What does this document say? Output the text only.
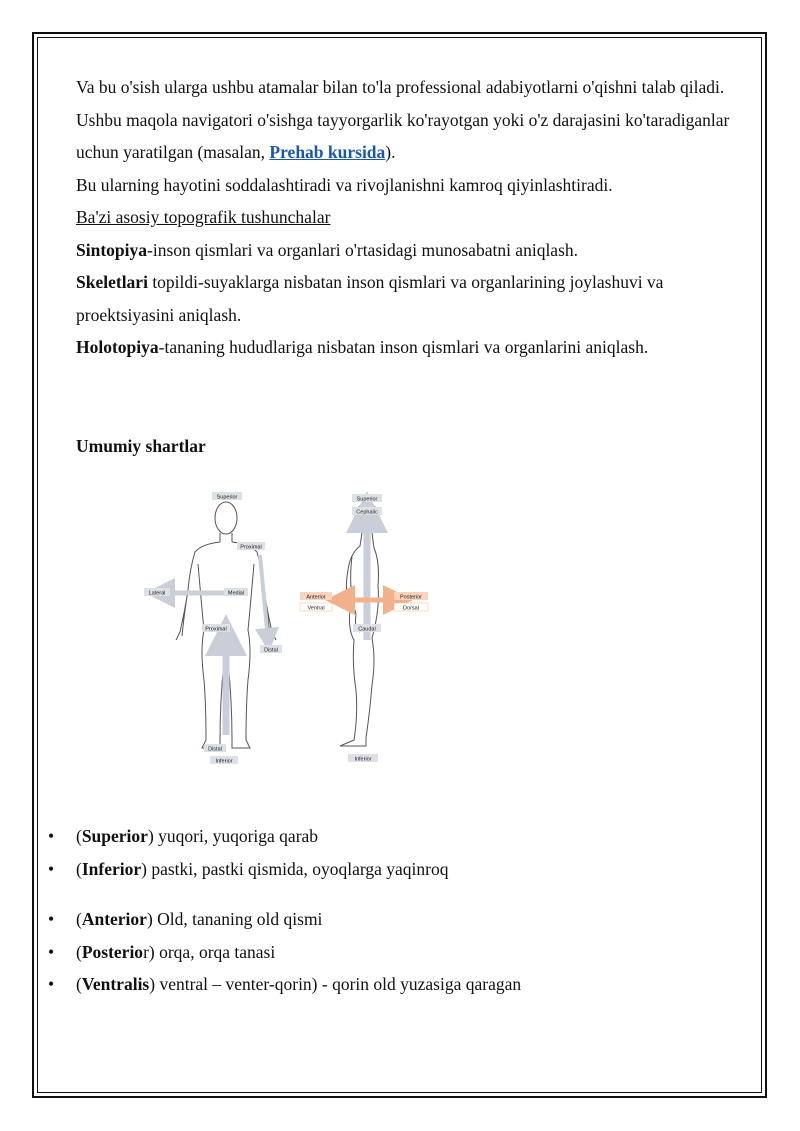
Va bu o'sish ularga ushbu atamalar bilan to'la professional adabiyotlarni o'qishni talab qiladi.

Ushbu maqola navigatori o'sishga tayyorgarlik ko'rayotgan yoki o'z darajasini ko'taradiganlar uchun yaratilgan (masalan, Prehab kursida).

Bu ularning hayotini soddalashtiradi va rivojlanishni kamroq qiyinlashtiradi.

Ba'zi asosiy topografik tushunchalar

Sintopiya-inson qismlari va organlari o'rtasidagi munosabatni aniqlash.

Skeletlari topildi-suyaklarga nisbatan inson qismlari va organlarining joylashuvi va proektsiyasini aniqlash.

Holotopiya-tananing hududlariga nisbatan inson qismlari va organlarini aniqlash.

Umumiy shartlar

Superior
Proximal
Lateral	Medial
Proximal
Distal
Distal
Inferior
Superior
Cephalic
Anterior
Ventral
Posterior
Dorsal
Caudal
Inferior
• (Superior) yuqori, yuqoriga qarab
• (Inferior) pastki, pastki qismida, oyoqlarga yaqinroq
• (Anterior) Old, tananing old qismi
• (Posterior) orqa, orqa tanasi
• (Ventralis) ventral – venter-qorin) - qorin old yuzasiga qaragan
